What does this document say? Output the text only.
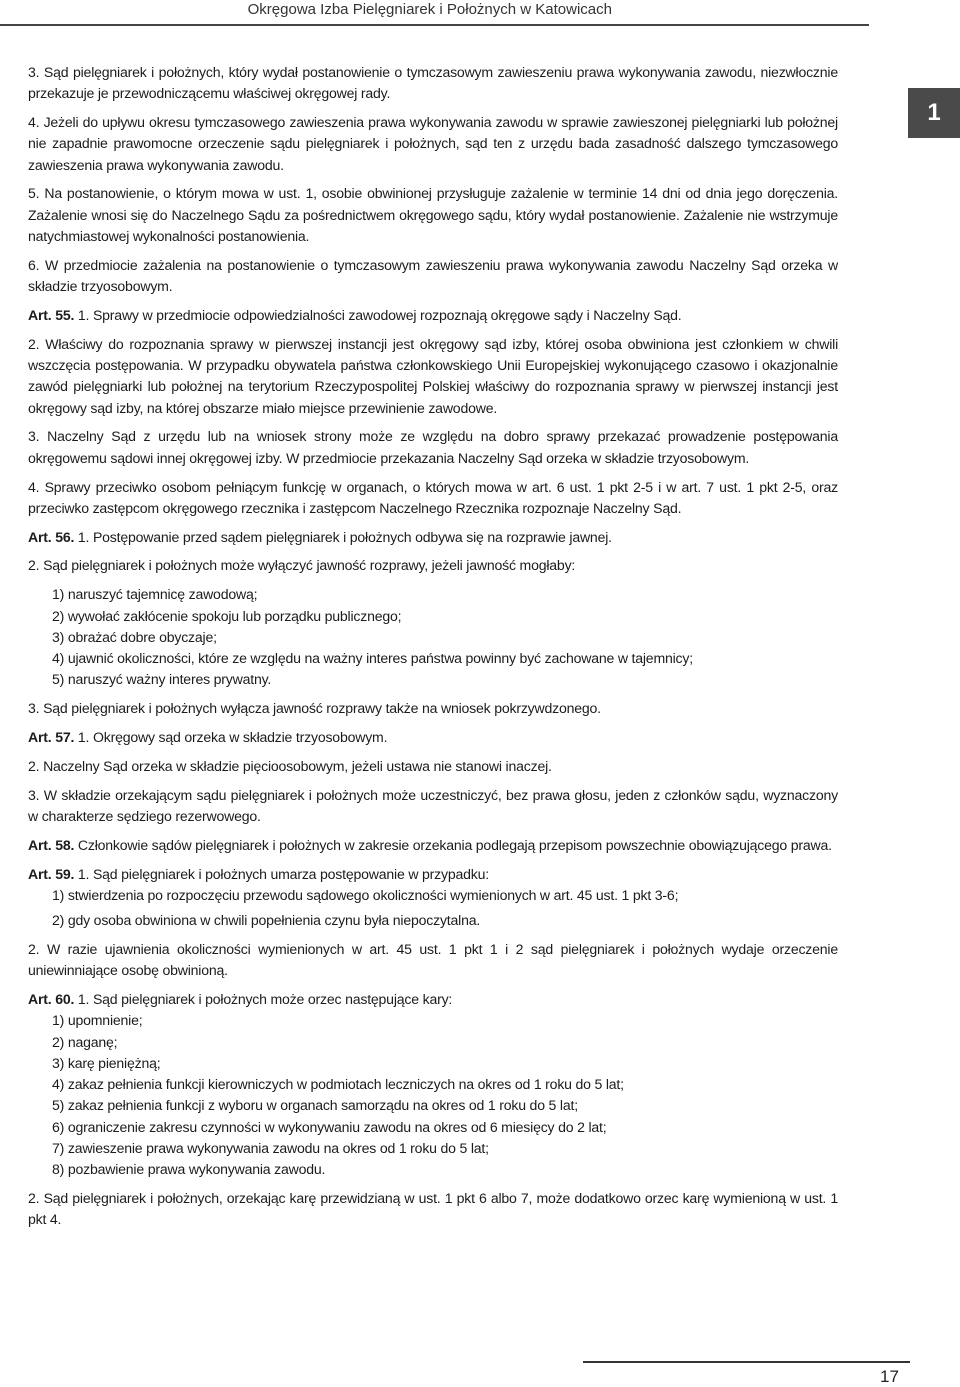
Okręgowa Izba Pielęgniarek i Położnych w Katowicach
1

3. Sąd pielęgniarek i położnych, który wydał postanowienie o tymczasowym zawieszeniu prawa wykonywania zawodu, niezwłocznie przekazuje je przewodniczącemu właściwej okręgowej rady.

4. Jeżeli do upływu okresu tymczasowego zawieszenia prawa wykonywania zawodu w sprawie zawieszonej pielęgniarki lub położnej nie zapadnie prawomocne orzeczenie sądu pielęgniarek i położnych, sąd ten z urzędu bada zasadność dalszego tymczasowego zawieszenia prawa wykonywania zawodu.

5. Na postanowienie, o którym mowa w ust. 1, osobie obwinionej przysługuje zażalenie w terminie 14 dni od dnia jego doręczenia. Zażalenie wnosi się do Naczelnego Sądu za pośrednictwem okręgowego sądu, który wydał postanowienie. Zażalenie nie wstrzymuje natychmiastowej wykonalności postanowienia.

6. W przedmiocie zażalenia na postanowienie o tymczasowym zawieszeniu prawa wykonywania zawodu Naczelny Sąd orzeka w składzie trzyosobowym.

Art. 55. 1. Sprawy w przedmiocie odpowiedzialności zawodowej rozpoznają okręgowe sądy i Naczelny Sąd.

2. Właściwy do rozpoznania sprawy w pierwszej instancji jest okręgowy sąd izby, której osoba obwiniona jest członkiem w chwili wszczęcia postępowania. W przypadku obywatela państwa członkowskiego Unii Europejskiej wykonującego czasowo i okazjonalnie zawód pielęgniarki lub położnej na terytorium Rzeczypospolitej Polskiej właściwy do rozpoznania sprawy w pierwszej instancji jest okręgowy sąd izby, na której obszarze miało miejsce przewinienie zawodowe.

3. Naczelny Sąd z urzędu lub na wniosek strony może ze względu na dobro sprawy przekazać prowadzenie postępowania okręgowemu sądowi innej okręgowej izby. W przedmiocie przekazania Naczelny Sąd orzeka w składzie trzyosobowym.

4. Sprawy przeciwko osobom pełniącym funkcję w organach, o których mowa w art. 6 ust. 1 pkt 2-5 i w art. 7 ust. 1 pkt 2-5, oraz przeciwko zastępcom okręgowego rzecznika i zastępcom Naczelnego Rzecznika rozpoznaje Naczelny Sąd.

Art. 56. 1. Postępowanie przed sądem pielęgniarek i położnych odbywa się na rozprawie jawnej.

2. Sąd pielęgniarek i położnych może wyłączyć jawność rozprawy, jeżeli jawność mogłaby:

1) naruszyć tajemnicę zawodową;
2) wywołać zakłócenie spokoju lub porządku publicznego;
3) obrażać dobre obyczaje;
4) ujawnić okoliczności, które ze względu na ważny interes państwa powinny być zachowane w tajemnicy;
5) naruszyć ważny interes prywatny.

3. Sąd pielęgniarek i położnych wyłącza jawność rozprawy także na wniosek pokrzywdzonego.

Art. 57. 1. Okręgowy sąd orzeka w składzie trzyosobowym.

2. Naczelny Sąd orzeka w składzie pięcioosobowym, jeżeli ustawa nie stanowi inaczej.

3. W składzie orzekającym sądu pielęgniarek i położnych może uczestniczyć, bez prawa głosu, jeden z członków sądu, wyznaczony w charakterze sędziego rezerwowego.

Art. 58. Członkowie sądów pielęgniarek i położnych w zakresie orzekania podlegają przepisom powszechnie obowiązującego prawa.

Art. 59. 1. Sąd pielęgniarek i położnych umarza postępowanie w przypadku:

1) stwierdzenia po rozpoczęciu przewodu sądowego okoliczności wymienionych w art. 45 ust. 1 pkt 3-6;
2) gdy osoba obwiniona w chwili popełnienia czynu była niepoczytalna.

2. W razie ujawnienia okoliczności wymienionych w art. 45 ust. 1 pkt 1 i 2 sąd pielęgniarek i położnych wydaje orzeczenie uniewinniające osobę obwinioną.

Art. 60. 1. Sąd pielęgniarek i położnych może orzec następujące kary:

1) upomnienie;
2) naganę;
3) karę pieniężną;
4) zakaz pełnienia funkcji kierowniczych w podmiotach leczniczych na okres od 1 roku do 5 lat;
5) zakaz pełnienia funkcji z wyboru w organach samorządu na okres od 1 roku do 5 lat;
6) ograniczenie zakresu czynności w wykonywaniu zawodu na okres od 6 miesięcy do 2 lat;
7) zawieszenie prawa wykonywania zawodu na okres od 1 roku do 5 lat;
8) pozbawienie prawa wykonywania zawodu.

2. Sąd pielęgniarek i położnych, orzekając karę przewidzianą w ust. 1 pkt 6 albo 7, może dodatkowo orzec karę wymienioną w ust. 1 pkt 4.

17
